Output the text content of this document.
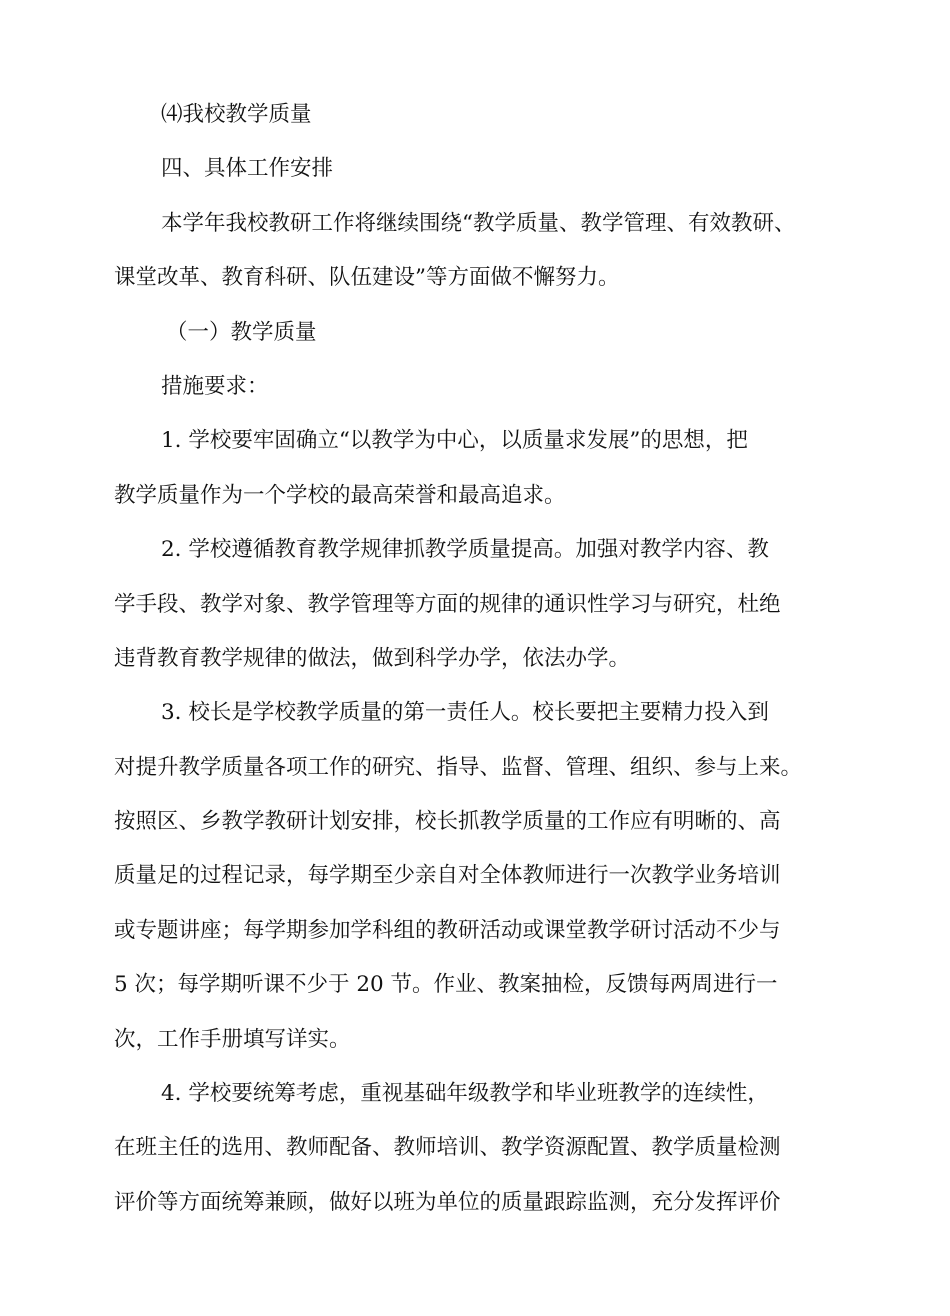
⑷我校教学质量

四、具体工作安排

本学年我校教研工作将继续围绕“教学质量、教学管理、有效教研、

课堂改革、教育科研、队伍建设”等方面做不懈努力。

（一）教学质量

措施要求：

1. 学校要牢固确立“以教学为中心，以质量求发展”的思想，把

教学质量作为一个学校的最高荣誉和最高追求。

2. 学校遵循教育教学规律抓教学质量提高。加强对教学内容、教

学手段、教学对象、教学管理等方面的规律的通识性学习与研究，杜绝

违背教育教学规律的做法，做到科学办学，依法办学。

3. 校长是学校教学质量的第一责任人。校长要把主要精力投入到

对提升教学质量各项工作的研究、指导、监督、管理、组织、参与上来。

按照区、乡教学教研计划安排，校长抓教学质量的工作应有明晰的、高

质量足的过程记录，每学期至少亲自对全体教师进行一次教学业务培训

或专题讲座；每学期参加学科组的教研活动或课堂教学研讨活动不少与

5 次；每学期听课不少于 20 节。作业、教案抽检，反馈每两周进行一

次，工作手册填写详实。

4. 学校要统筹考虑，重视基础年级教学和毕业班教学的连续性，

在班主任的选用、教师配备、教师培训、教学资源配置、教学质量检测

评价等方面统筹兼顾，做好以班为单位的质量跟踪监测，充分发挥评价
